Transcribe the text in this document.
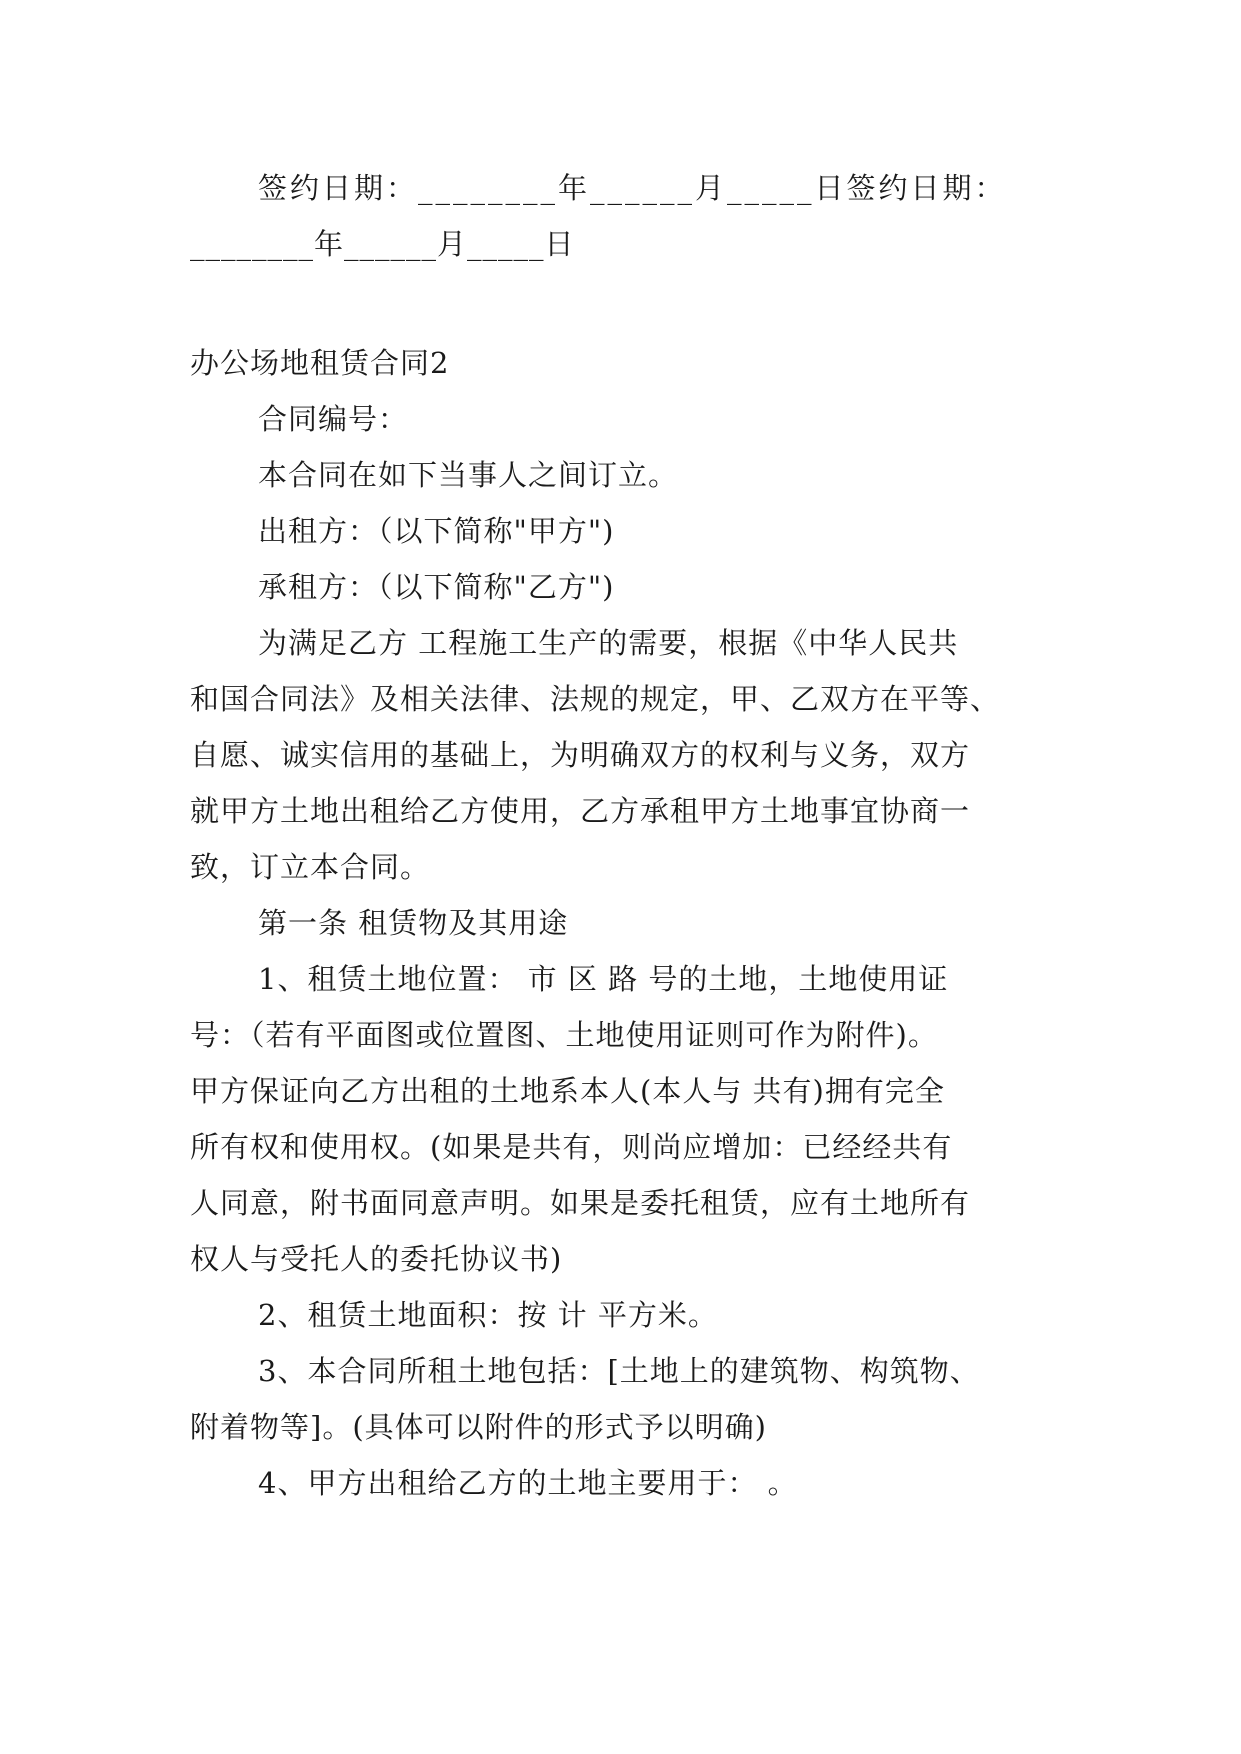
签约日期：________年______月_____日签约日期：
________年______月_____日
办公场地租赁合同2
合同编号：
本合同在如下当事人之间订立。
出租方：（以下简称"甲方")
承租方：（以下简称"乙方")
为满足乙方 工程施工生产的需要，根据《中华人民共
和国合同法》及相关法律、法规的规定，甲、乙双方在平等、
自愿、诚实信用的基础上，为明确双方的权利与义务，双方
就甲方土地出租给乙方使用，乙方承租甲方土地事宜协商一
致，订立本合同。
第一条 租赁物及其用途
1、租赁土地位置： 市 区 路 号的土地，土地使用证
号：（若有平面图或位置图、土地使用证则可作为附件)。
甲方保证向乙方出租的土地系本人(本人与 共有)拥有完全
所有权和使用权。(如果是共有，则尚应增加：已经经共有
人同意，附书面同意声明。如果是委托租赁，应有土地所有
权人与受托人的委托协议书)
2、租赁土地面积：按 计 平方米。
3、本合同所租土地包括：[土地上的建筑物、构筑物、
附着物等]。(具体可以附件的形式予以明确)
4、甲方出租给乙方的土地主要用于： 。
